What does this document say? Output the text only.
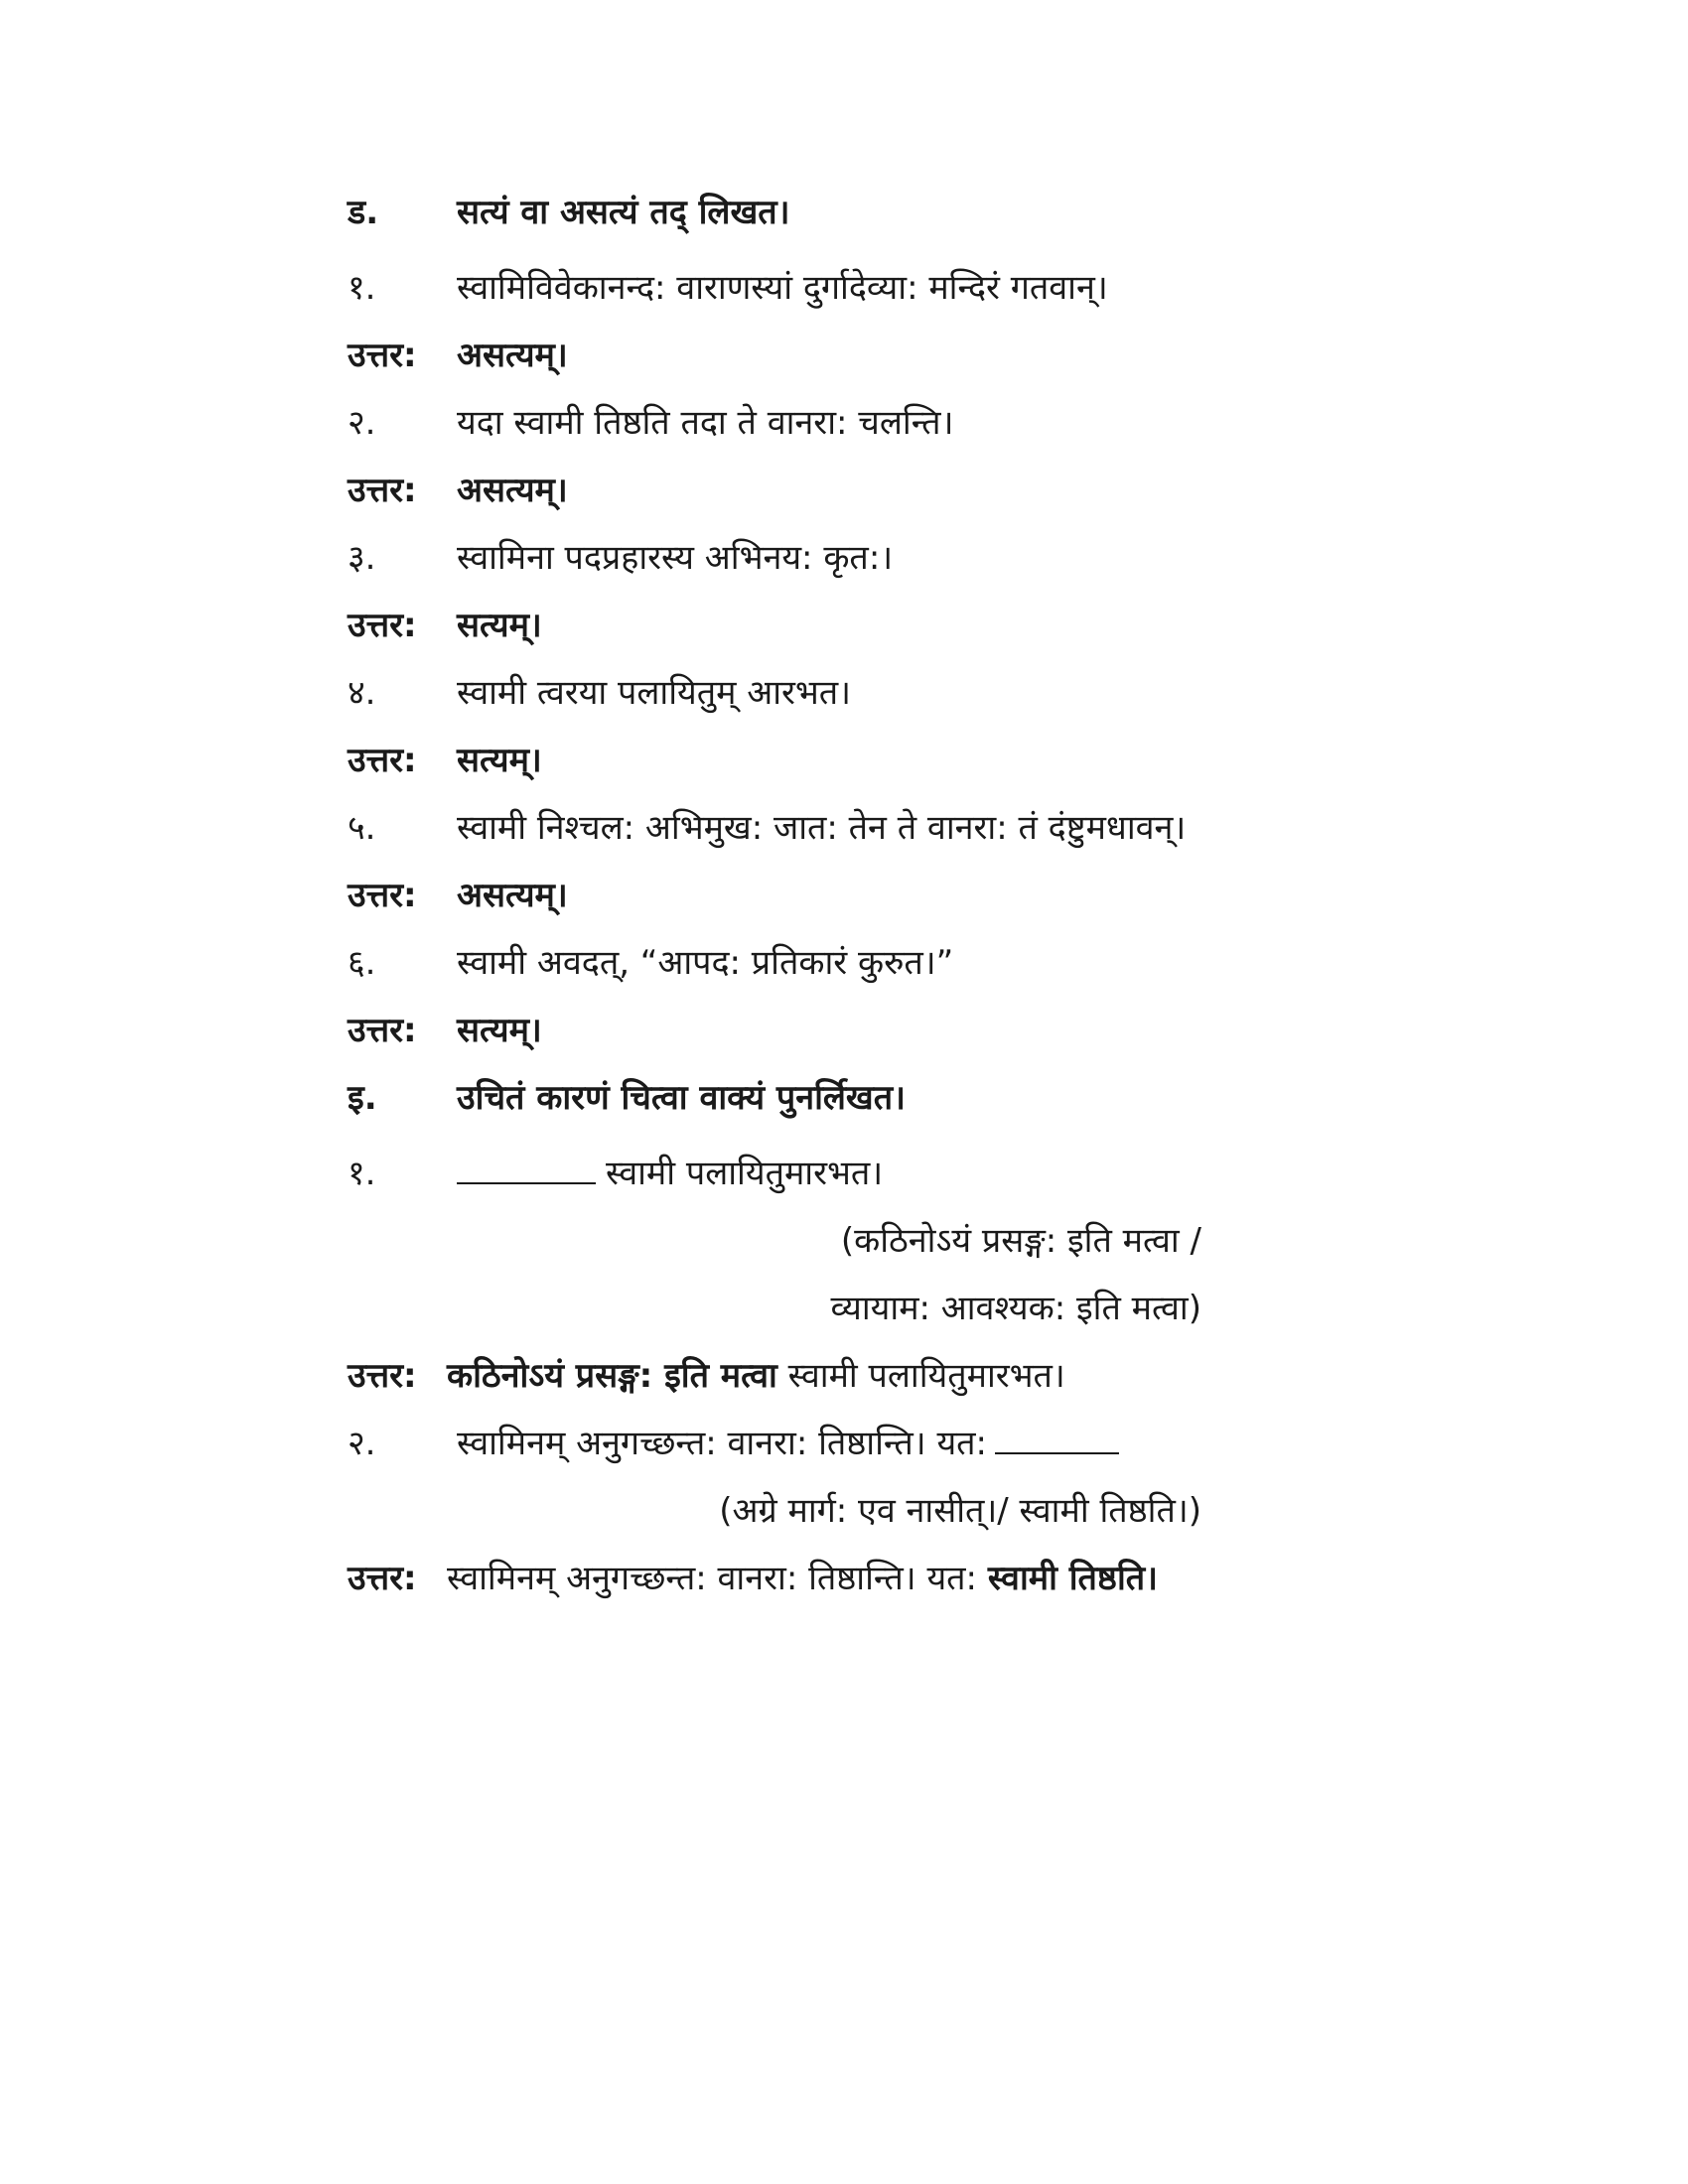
ड. सत्यं वा असत्यं तद् लिखत।
१. स्वामिविवेकानन्द: वाराणस्यां दुर्गादेव्या: मन्दिरं गतवान्।
उत्तर: असत्यम्।
२. यदा स्वामी तिष्ठति तदा ते वानरा: चलन्ति।
उत्तर: असत्यम्।
३. स्वामिना पदप्रहारस्य अभिनय: कृत:।
उत्तर: सत्यम्।
४. स्वामी त्वरया पलायितुम् आरभत।
उत्तर: सत्यम्।
५. स्वामी निश्चल: अभिमुख: जात: तेन ते वानरा: तं दंष्टुमधावन्।
उत्तर: असत्यम्।
६. स्वामी अवदत्, “आपद: प्रतिकारं कुरुत।”
उत्तर: सत्यम्।
इ. उचितं कारणं चित्वा वाक्यं पुनर्लिखत।
१.	स्वामी पलायितुमारभत।
(कठिनोऽयं प्रसङ्ग: इति मत्वा /
व्यायाम: आवश्यक: इति मत्वा)
उत्तर: कठिनोऽयं प्रसङ्ग: इति मत्वा स्वामी पलायितुमारभत।
२. स्वामिनम् अनुगच्छन्त: वानरा: तिष्ठान्ति। यत:
(अग्रे मार्ग: एव नासीत्।/ स्वामी तिष्ठति।)
उत्तर: स्वामिनम् अनुगच्छन्त: वानरा: तिष्ठान्ति। यत: स्वामी तिष्ठति।
